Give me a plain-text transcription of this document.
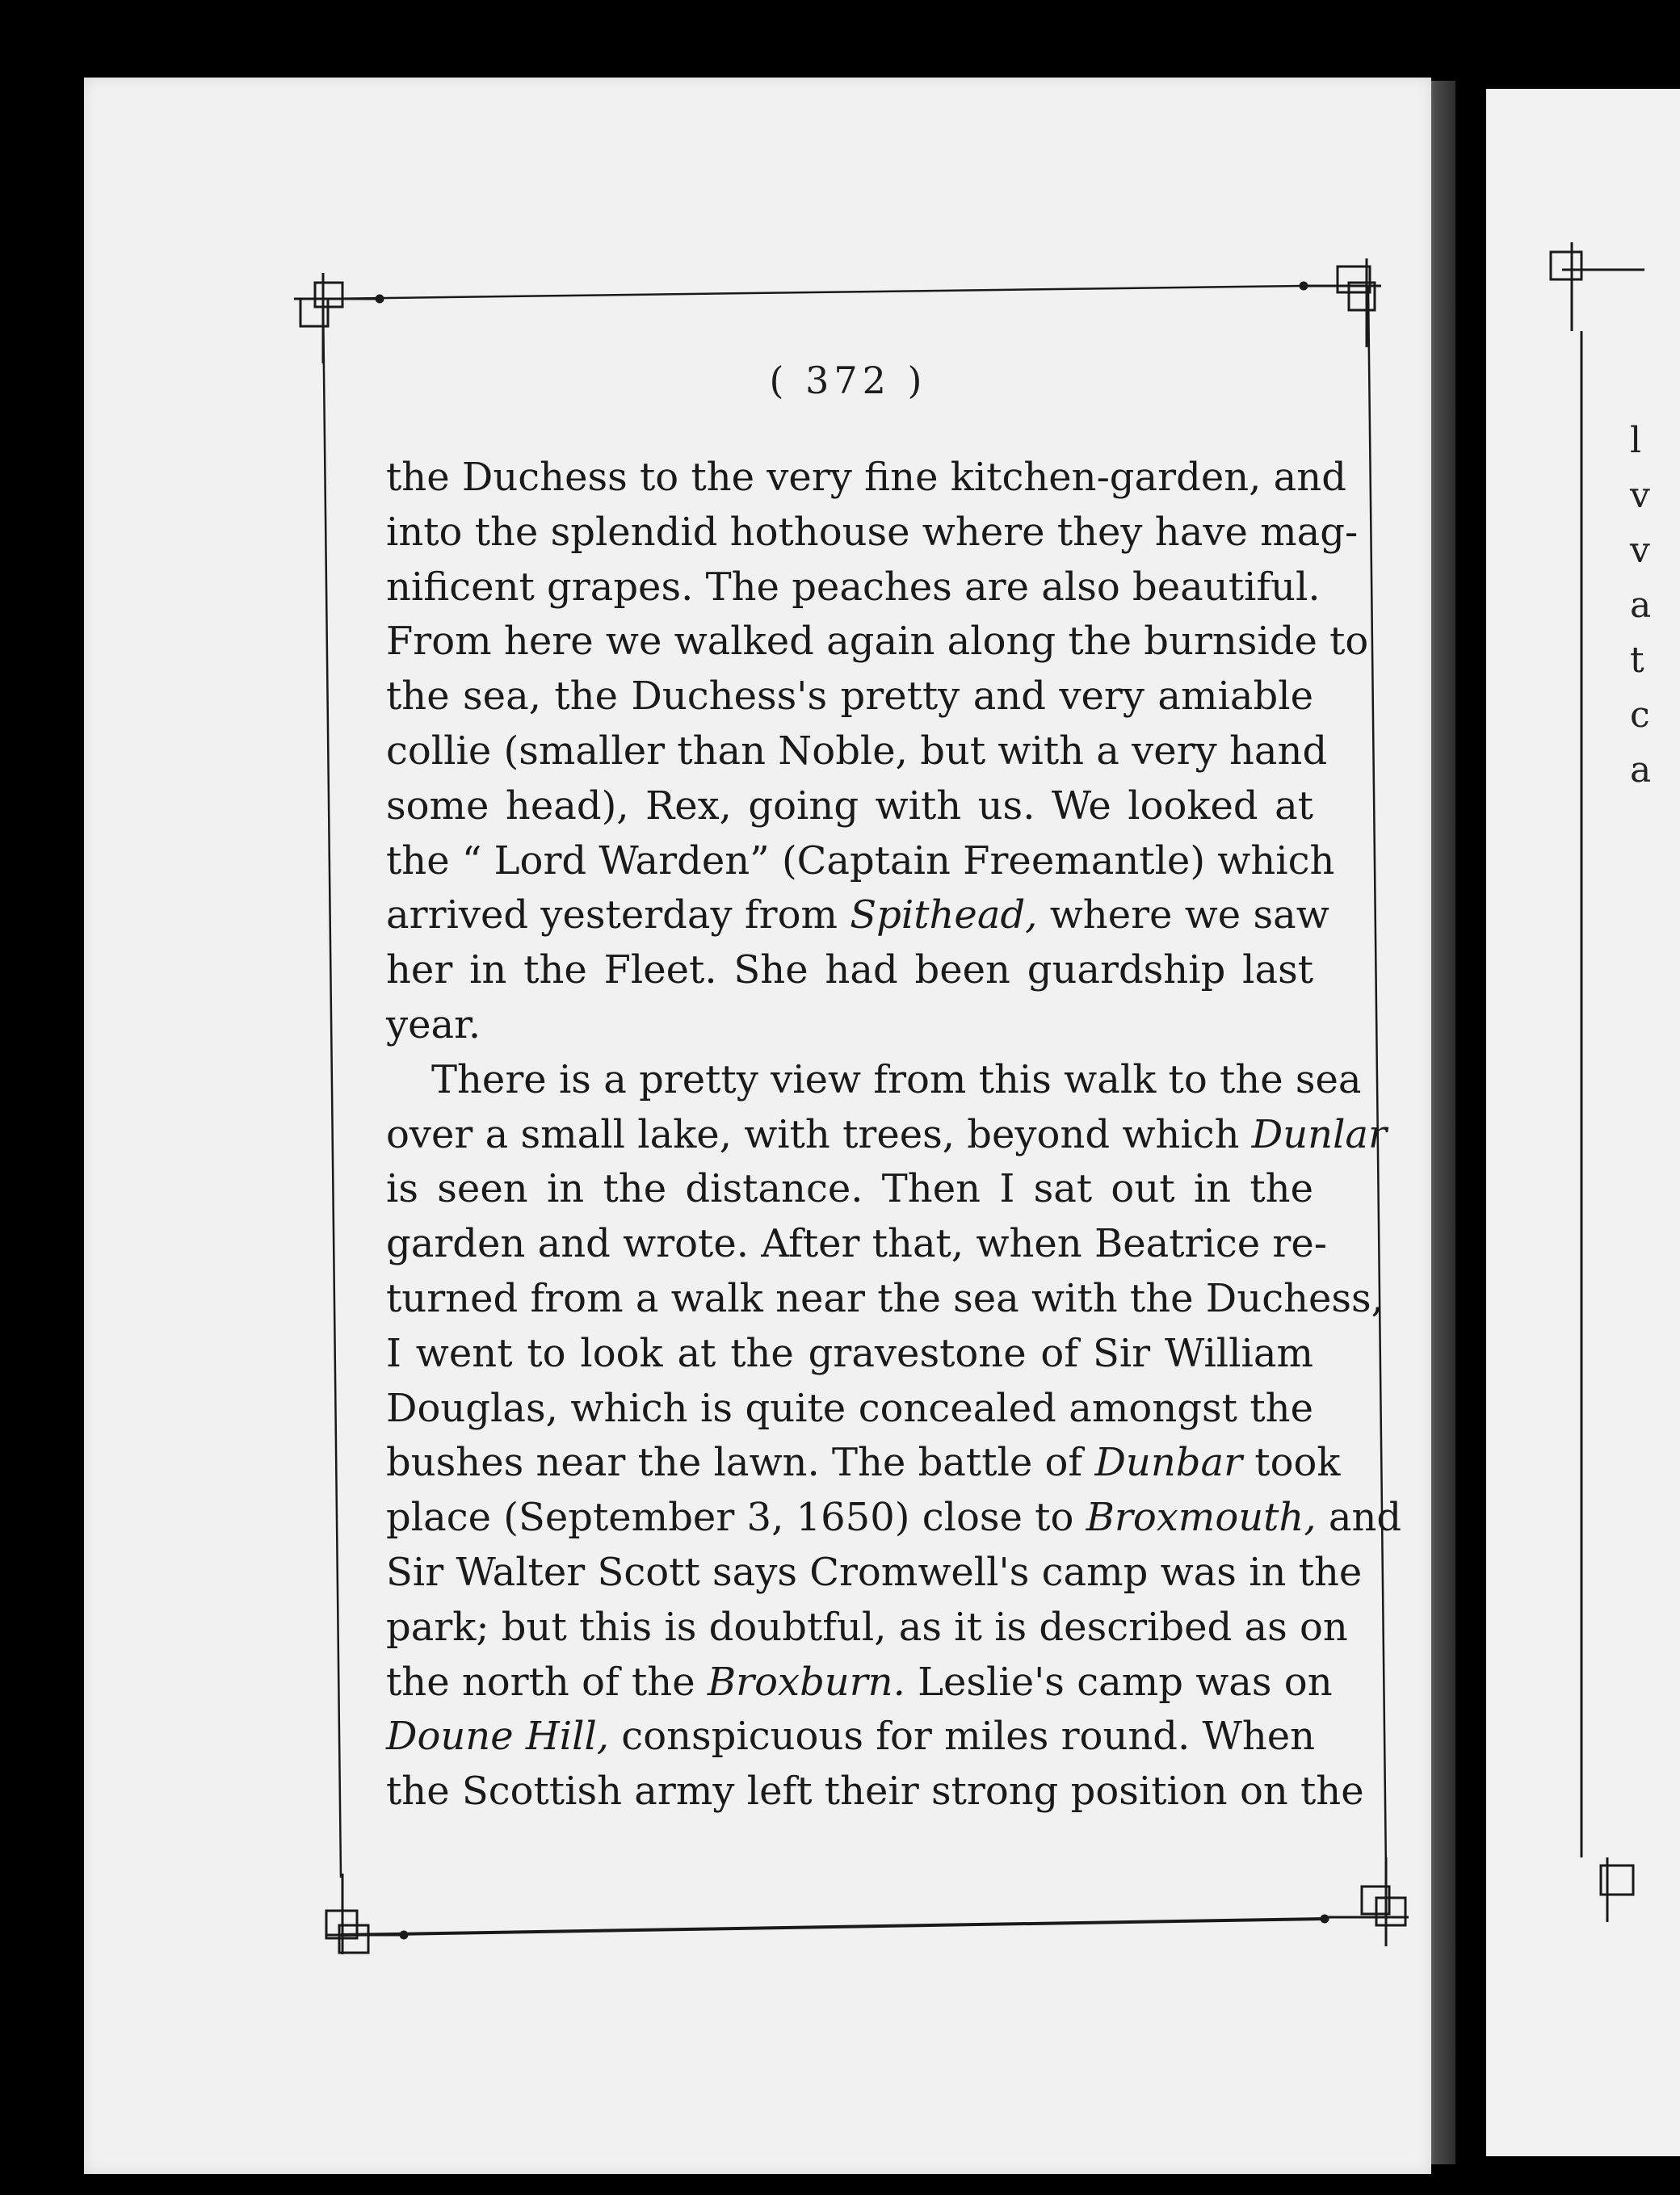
l
v
v
a
t
c
a
( 372 )
the Duchess to the very fine kitchen-garden, and
into the splendid hothouse where they have mag-
nificent grapes. The peaches are also beautiful.
From here we walked again along the burnside to
the sea, the Duchess's pretty and very amiable
collie (smaller than Noble, but with a very hand
some head), Rex, going with us. We looked at
the “ Lord Warden” (Captain Freemantle) which
arrived yesterday from Spithead, where we saw
her in the Fleet. She had been guardship last
year.
There is a pretty view from this walk to the sea
over a small lake, with trees, beyond which Dunlar
is seen in the distance. Then I sat out in the
garden and wrote. After that, when Beatrice re-
turned from a walk near the sea with the Duchess,
I went to look at the gravestone of Sir William
Douglas, which is quite concealed amongst the
bushes near the lawn. The battle of Dunbar took
place (September 3, 1650) close to Broxmouth, and
Sir Walter Scott says Cromwell's camp was in the
park; but this is doubtful, as it is described as on
the north of the Broxburn. Leslie's camp was on
Doune Hill, conspicuous for miles round. When
the Scottish army left their strong position on the
